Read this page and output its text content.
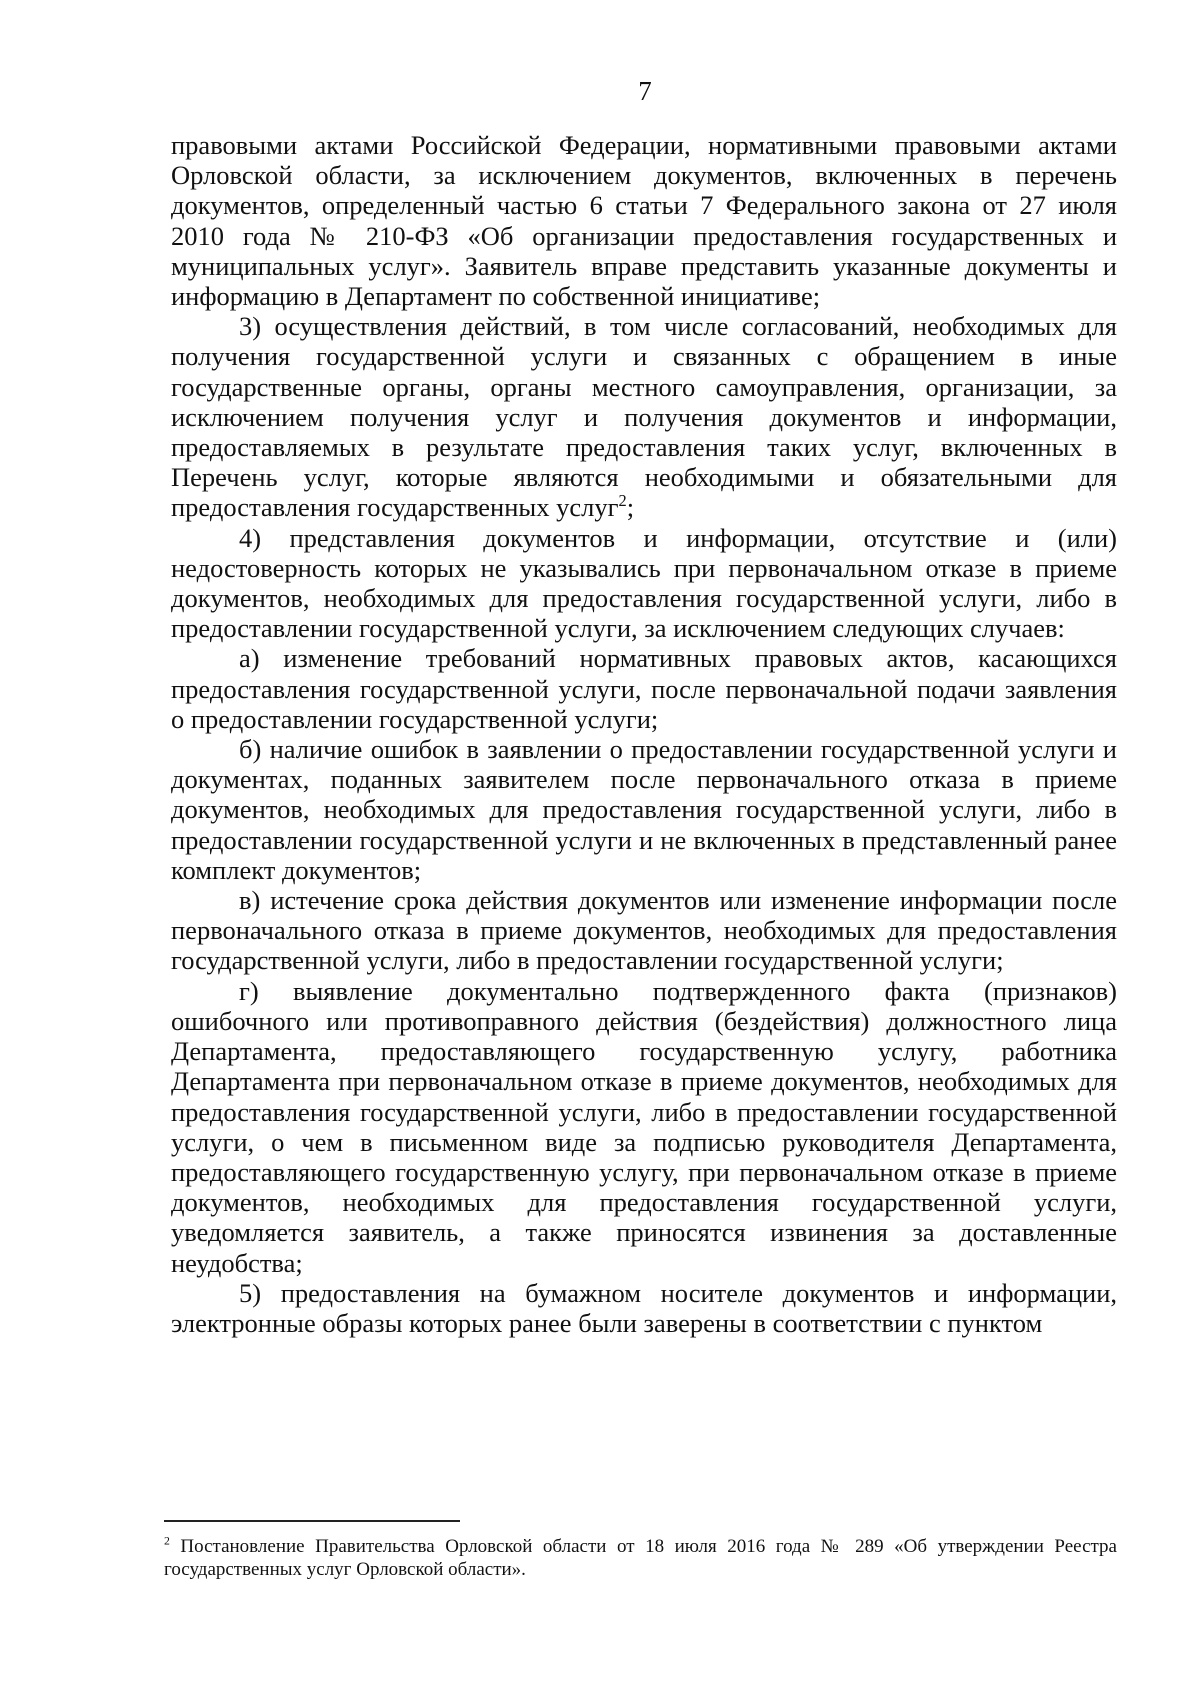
7

правовыми актами Российской Федерации, нормативными правовыми актами Орловской области, за исключением документов, включенных в перечень документов, определенный частью 6 статьи 7 Федерального закона от 27 июля 2010 года № 210-ФЗ «Об организации предоставления государственных и муниципальных услуг». Заявитель вправе представить указанные документы и информацию в Департамент по собственной инициативе;

3) осуществления действий, в том числе согласований, необходимых для получения государственной услуги и связанных с обращением в иные государственные органы, органы местного самоуправления, организации, за исключением получения услуг и получения документов и информации, предоставляемых в результате предоставления таких услуг, включенных в Перечень услуг, которые являются необходимыми и обязательными для предоставления государственных услуг$^2$;

4) представления документов и информации, отсутствие и (или) недостоверность которых не указывались при первоначальном отказе в приеме документов, необходимых для предоставления государственной услуги, либо в предоставлении государственной услуги, за исключением следующих случаев:

а) изменение требований нормативных правовых актов, касающихся предоставления государственной услуги, после первоначальной подачи заявления о предоставлении государственной услуги;

б) наличие ошибок в заявлении о предоставлении государственной услуги и документах, поданных заявителем после первоначального отказа в приеме документов, необходимых для предоставления государственной услуги, либо в предоставлении государственной услуги и не включенных в представленный ранее комплект документов;

в) истечение срока действия документов или изменение информации после первоначального отказа в приеме документов, необходимых для предоставления государственной услуги, либо в предоставлении государственной услуги;

г) выявление документально подтвержденного факта (признаков) ошибочного или противоправного действия (бездействия) должностного лица Департамента, предоставляющего государственную услугу, работника Департамента при первоначальном отказе в приеме документов, необходимых для предоставления государственной услуги, либо в предоставлении государственной услуги, о чем в письменном виде за подписью руководителя Департамента, предоставляющего государственную услугу, при первоначальном отказе в приеме документов, необходимых для предоставления государственной услуги, уведомляется заявитель, а также приносятся извинения за доставленные неудобства;

5) предоставления на бумажном носителе документов и информации, электронные образы которых ранее были заверены в соответствии с пунктом

$^2$ Постановление Правительства Орловской области от 18 июля 2016 года № 289 «Об утверждении Реестра государственных услуг Орловской области».
